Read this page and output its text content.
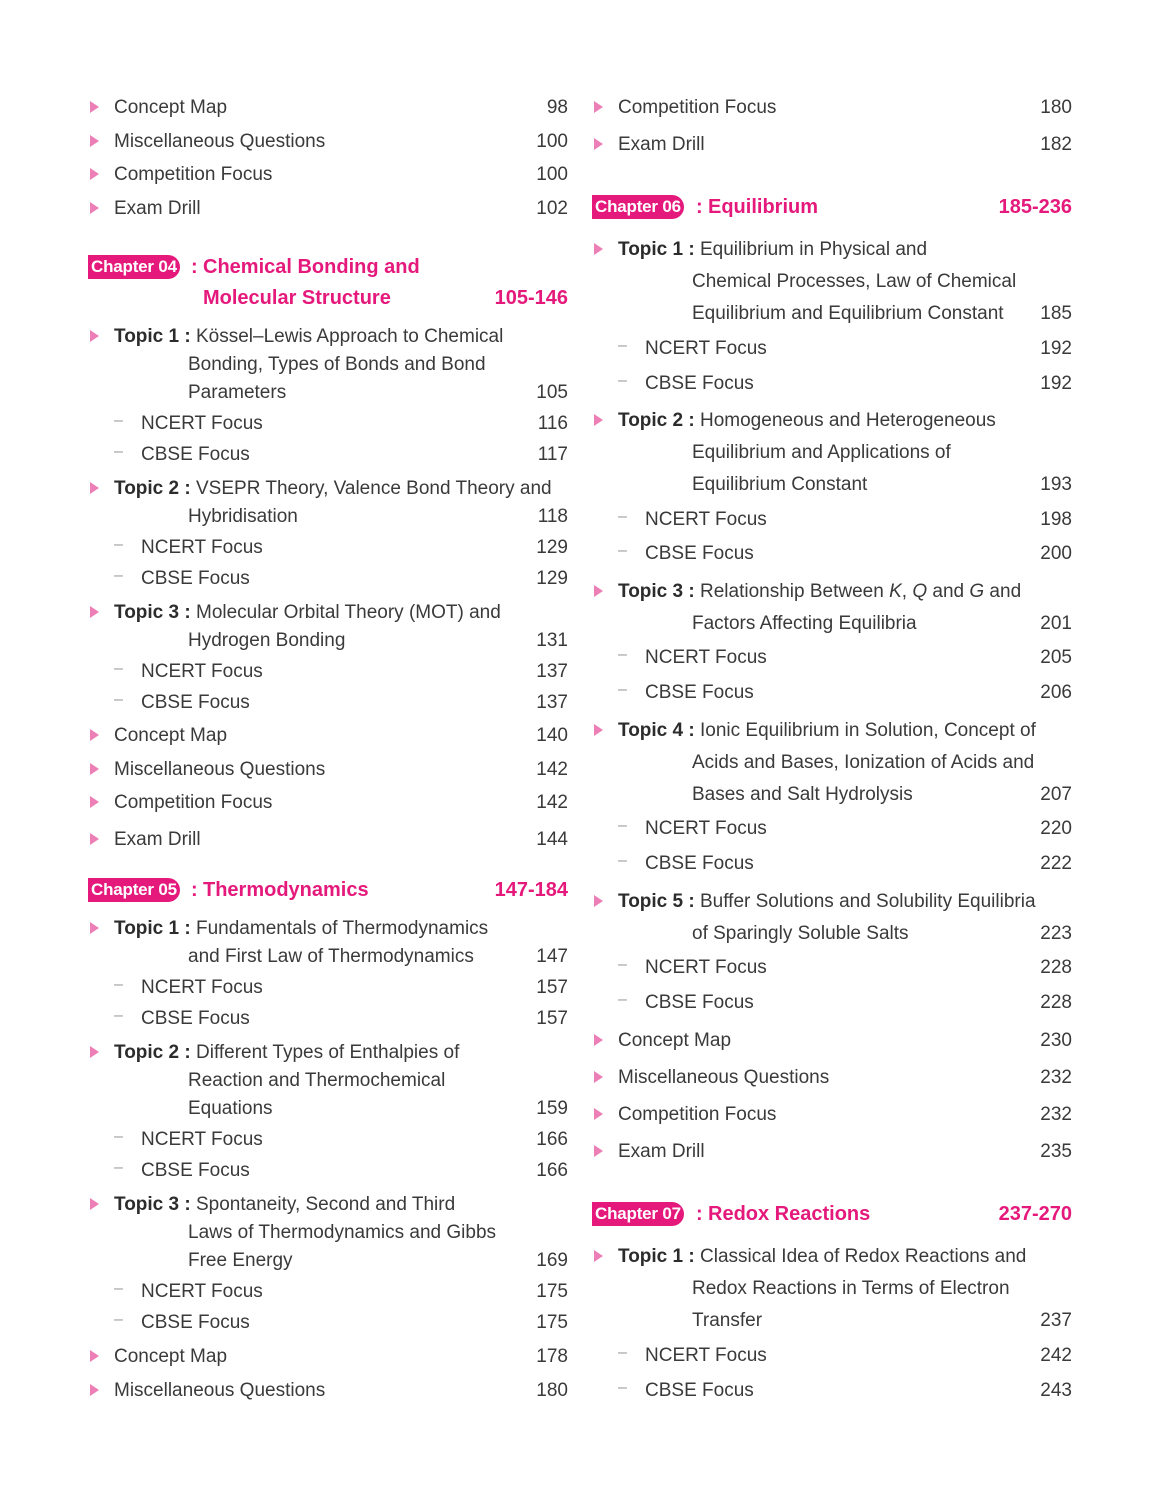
Concept Map	98
Miscellaneous Questions	100
Competition Focus	100
Exam Drill	102
Chapter 04 : Chemical Bonding and
Molecular Structure	105-146
Topic 1 : Kössel–Lewis Approach to Chemical
Bonding, Types of Bonds and Bond
Parameters	105
– NCERT Focus	116
– CBSE Focus	117
Topic 2 : VSEPR Theory, Valence Bond Theory and
Hybridisation	118
– NCERT Focus	129
– CBSE Focus	129
Topic 3 : Molecular Orbital Theory (MOT) and
Hydrogen Bonding	131
– NCERT Focus	137
– CBSE Focus	137
Concept Map	140
Miscellaneous Questions	142
Competition Focus	142
Exam Drill	144
Chapter 05 : Thermodynamics	147-184
Topic 1 : Fundamentals of Thermodynamics
and First Law of Thermodynamics	147
– NCERT Focus	157
– CBSE Focus	157
Topic 2 : Different Types of Enthalpies of
Reaction and Thermochemical
Equations	159
– NCERT Focus	166
– CBSE Focus	166
Topic 3 : Spontaneity, Second and Third
Laws of Thermodynamics and Gibbs
Free Energy	169
– NCERT Focus	175
– CBSE Focus	175
Concept Map	178
Miscellaneous Questions	180
Competition Focus	180
Exam Drill	182
Chapter 06 : Equilibrium	185-236
Topic 1 : Equilibrium in Physical and
Chemical Processes, Law of Chemical
Equilibrium and Equilibrium Constant 185
– NCERT Focus	192
– CBSE Focus	192
Topic 2 : Homogeneous and Heterogeneous
Equilibrium and Applications of
Equilibrium Constant	193
– NCERT Focus	198
– CBSE Focus	200
Topic 3 : Relationship Between K, Q and G and
Factors Affecting Equilibria	201
– NCERT Focus	205
– CBSE Focus	206
Topic 4 : Ionic Equilibrium in Solution, Concept of
Acids and Bases, Ionization of Acids and
Bases and Salt Hydrolysis	207
– NCERT Focus	220
– CBSE Focus	222
Topic 5 : Buffer Solutions and Solubility Equilibria
of Sparingly Soluble Salts	223
– NCERT Focus	228
– CBSE Focus	228
Concept Map	230
Miscellaneous Questions	232
Competition Focus	232
Exam Drill	235
Chapter 07 : Redox Reactions	237-270
Topic 1 : Classical Idea of Redox Reactions and
Redox Reactions in Terms of Electron
Transfer	237
– NCERT Focus	242
– CBSE Focus	243
